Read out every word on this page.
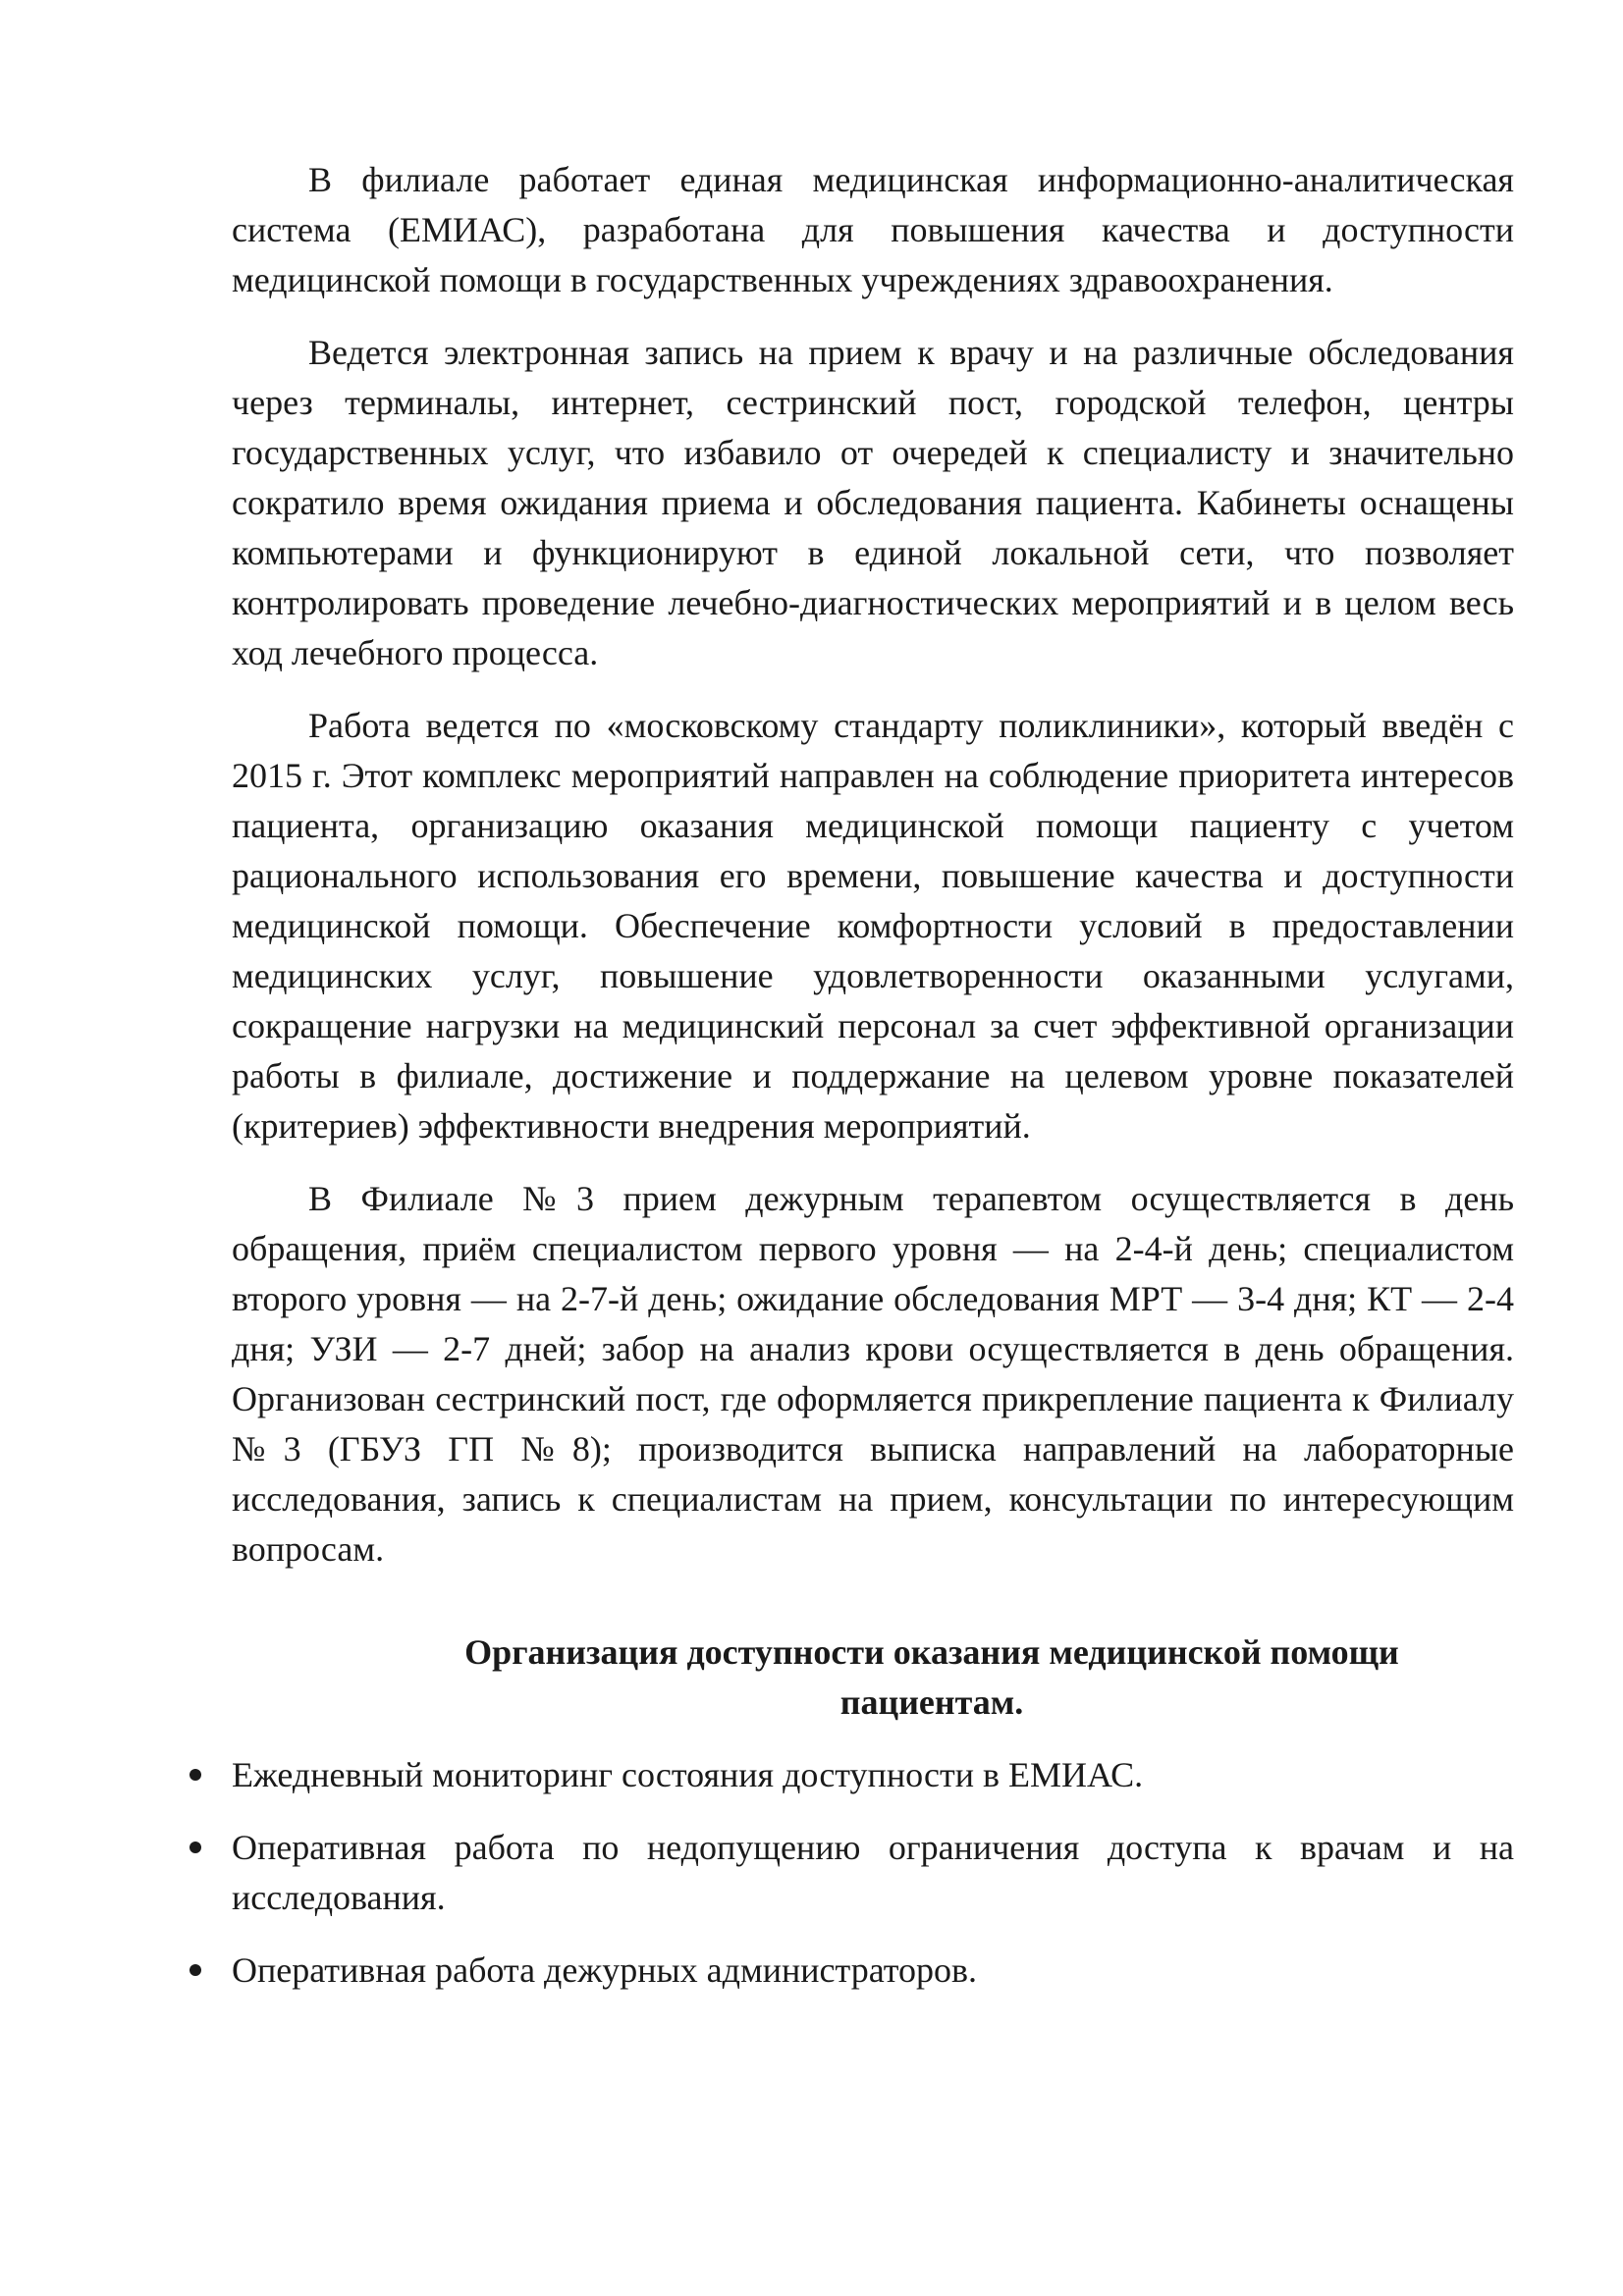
В филиале работает единая медицинская информационно-аналитическая система (ЕМИАС), разработана для повышения качества и доступности медицинской помощи в государственных учреждениях здравоохранения.

Ведется электронная запись на прием к врачу и на различные обследования через терминалы, интернет, сестринский пост, городской телефон, центры государственных услуг, что избавило от очередей к специалисту и значительно сократило время ожидания приема и обследования пациента. Кабинеты оснащены компьютерами и функционируют в единой локальной сети, что позволяет контролировать проведение лечебно-диагностических мероприятий и в целом весь ход лечебного процесса.

Работа ведется по «московскому стандарту поликлиники», который введён с 2015 г. Этот комплекс мероприятий направлен на соблюдение приоритета интересов пациента, организацию оказания медицинской помощи пациенту с учетом рационального использования его времени, повышение качества и доступности медицинской помощи. Обеспечение комфортности условий в предоставлении медицинских услуг, повышение удовлетворенности оказанными услугами, сокращение нагрузки на медицинский персонал за счет эффективной организации работы в филиале, достижение и поддержание на целевом уровне показателей (критериев) эффективности внедрения мероприятий.

В Филиале №3 прием дежурным терапевтом осуществляется в день обращения, приём специалистом первого уровня — на 2-4-й день; специалистом второго уровня — на 2-7-й день; ожидание обследования МРТ — 3-4 дня; КТ — 2-4 дня; УЗИ — 2-7 дней; забор на анализ крови осуществляется в день обращения. Организован сестринский пост, где оформляется прикрепление пациента к Филиалу №3 (ГБУЗ ГП №8); производится выписка направлений на лабораторные исследования, запись к специалистам на прием, консультации по интересующим вопросам.

Организация доступности оказания медицинской помощи
пациентам.
Ежедневный мониторинг состояния доступности в ЕМИАС.
Оперативная работа по недопущению ограничения доступа к врачам и на исследования.
Оперативная работа дежурных администраторов.
